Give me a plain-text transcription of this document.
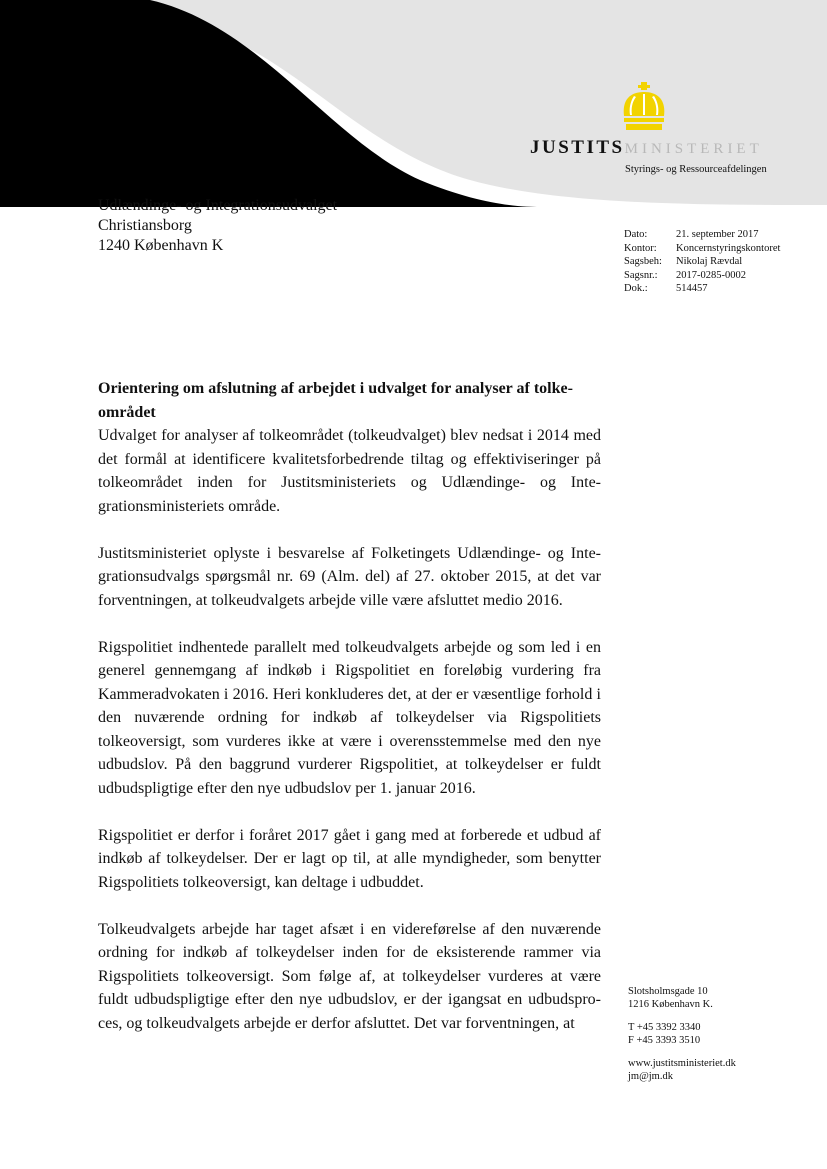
JUSTITSMINISTERIET
Styrings- og Ressourceafdelingen
Udlændinge- og Integrationsudvalget
Christiansborg
1240 København K
Dato:	21. september 2017
Kontor:	Koncernstyringskontoret
Sagsbeh:	Nikolaj Rævdal
Sagsnr.:	2017-0285-0002
Dok.:	514457

Orientering om afslutning af arbejdet i udvalget for analyser af tolkeområdet

Udvalget for analyser af tolkeområdet (tolkeudvalget) blev nedsat i 2014 med det formål at identificere kvalitetsforbedrende tiltag og effektiviseringer på tolkeområdet inden for Justitsministeriets og Udlændinge- og Integrationsministeriets område.

Justitsministeriet oplyste i besvarelse af Folketingets Udlændinge- og Integrationsudvalgs spørgsmål nr. 69 (Alm. del) af 27. oktober 2015, at det var forventningen, at tolkeudvalgets arbejde ville være afsluttet medio 2016.

Rigspolitiet indhentede parallelt med tolkeudvalgets arbejde og som led i en generel gennemgang af indkøb i Rigspolitiet en foreløbig vurdering fra Kammeradvokaten i 2016. Heri konkluderes det, at der er væsentlige forhold i den nuværende ordning for indkøb af tolkeydelser via Rigspolitiets tolkeoversigt, som vurderes ikke at være i overensstemmelse med den nye udbudslov. På den baggrund vurderer Rigspolitiet, at tolkeydelser er fuldt udbudspligtige efter den nye udbudslov per 1. januar 2016.

Rigspolitiet er derfor i foråret 2017 gået i gang med at forberede et udbud af indkøb af tolkeydelser. Der er lagt op til, at alle myndigheder, som benytter Rigspolitiets tolkeoversigt, kan deltage i udbuddet.

Tolkeudvalgets arbejde har taget afsæt i en videreførelse af den nuværende ordning for indkøb af tolkeydelser inden for de eksisterende rammer via Rigspolitiets tolkeoversigt. Som følge af, at tolkeydelser vurderes at være fuldt udbudspligtige efter den nye udbudslov, er der igangsat en udbudsproces, og tolkeudvalgets arbejde er derfor afsluttet. Det var forventningen, at

Slotsholmsgade 10
1216 København K.
T +45 3392 3340
F +45 3393 3510
www.justitsministeriet.dk
jm@jm.dk
